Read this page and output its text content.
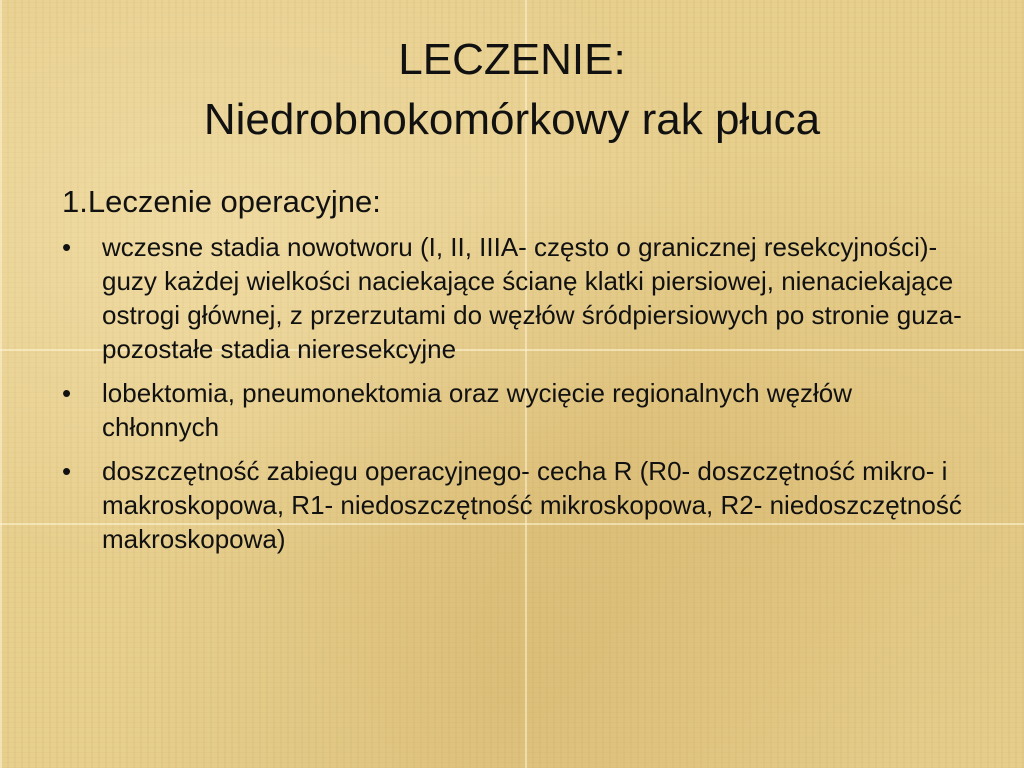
LECZENIE:
Niedrobnokomórkowy rak płuca
1.Leczenie operacyjne:
• wczesne stadia nowotworu (I, II, IIIA- często o granicznej resekcyjności)- guzy każdej wielkości naciekające ścianę klatki piersiowej, nienaciekające ostrogi głównej, z przerzutami do węzłów śródpiersiowych po stronie guza- pozostałe stadia nieresekcyjne
• lobektomia, pneumonektomia oraz wycięcie regionalnych węzłów chłonnych
• doszczętność zabiegu operacyjnego- cecha R (R0- doszczętność mikro- i makroskopowa, R1- niedoszczętność mikroskopowa, R2- niedoszczętność makroskopowa)
